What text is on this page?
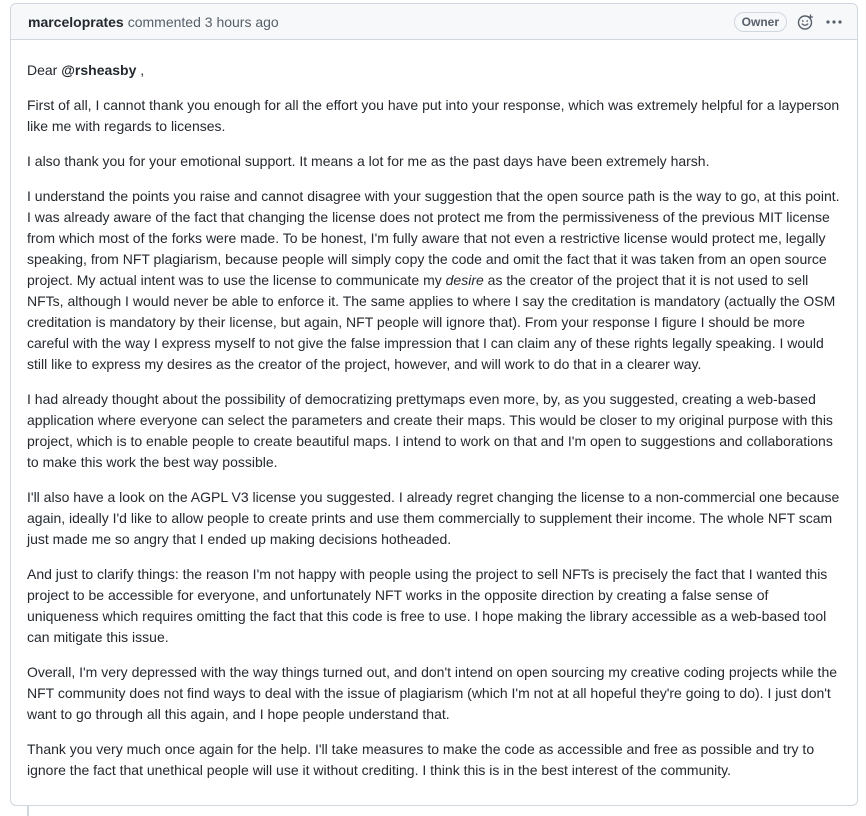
marceloprates commented 3 hours ago	Owner

Dear @rsheasby ,

First of all, I cannot thank you enough for all the effort you have put into your response, which was extremely helpful for a layperson like me with regards to licenses.

I also thank you for your emotional support. It means a lot for me as the past days have been extremely harsh.

I understand the points you raise and cannot disagree with your suggestion that the open source path is the way to go, at this point. I was already aware of the fact that changing the license does not protect me from the permissiveness of the previous MIT license from which most of the forks were made. To be honest, I'm fully aware that not even a restrictive license would protect me, legally speaking, from NFT plagiarism, because people will simply copy the code and omit the fact that it was taken from an open source project. My actual intent was to use the license to communicate my desire as the creator of the project that it is not used to sell NFTs, although I would never be able to enforce it. The same applies to where I say the creditation is mandatory (actually the OSM creditation is mandatory by their license, but again, NFT people will ignore that). From your response I figure I should be more careful with the way I express myself to not give the false impression that I can claim any of these rights legally speaking. I would still like to express my desires as the creator of the project, however, and will work to do that in a clearer way.

I had already thought about the possibility of democratizing prettymaps even more, by, as you suggested, creating a web-based application where everyone can select the parameters and create their maps. This would be closer to my original purpose with this project, which is to enable people to create beautiful maps. I intend to work on that and I'm open to suggestions and collaborations to make this work the best way possible.

I'll also have a look on the AGPL V3 license you suggested. I already regret changing the license to a non-commercial one because again, ideally I'd like to allow people to create prints and use them commercially to supplement their income. The whole NFT scam just made me so angry that I ended up making decisions hotheaded.

And just to clarify things: the reason I'm not happy with people using the project to sell NFTs is precisely the fact that I wanted this project to be accessible for everyone, and unfortunately NFT works in the opposite direction by creating a false sense of uniqueness which requires omitting the fact that this code is free to use. I hope making the library accessible as a web-based tool can mitigate this issue.

Overall, I'm very depressed with the way things turned out, and don't intend on open sourcing my creative coding projects while the NFT community does not find ways to deal with the issue of plagiarism (which I'm not at all hopeful they're going to do). I just don't want to go through all this again, and I hope people understand that.

Thank you very much once again for the help. I'll take measures to make the code as accessible and free as possible and try to ignore the fact that unethical people will use it without crediting. I think this is in the best interest of the community.
